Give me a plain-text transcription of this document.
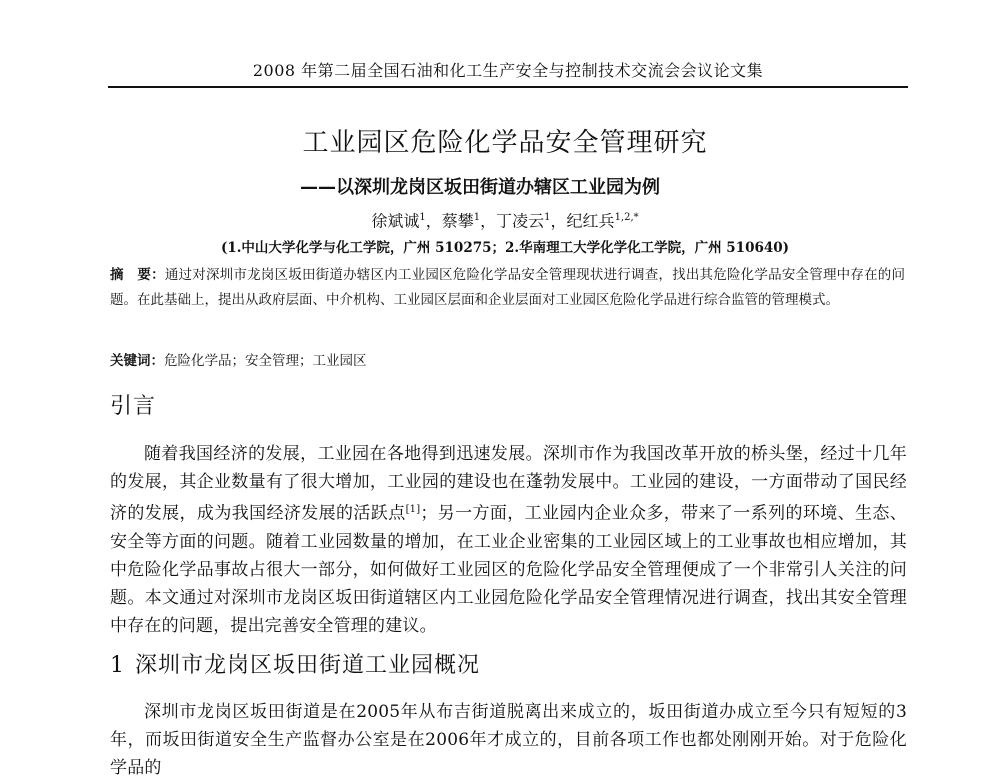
2008 年第二届全国石油和化工生产安全与控制技术交流会会议论文集
工业园区危险化学品安全管理研究
——以深圳龙岗区坂田街道办辖区工业园为例
徐斌诚$^1$，蔡攀$^1$，丁凌云$^1$，纪红兵$^{1,2,*}$
(1.中山大学化学与化工学院，广州 510275；2.华南理工大学化学化工学院，广州 510640)
摘　要：通过对深圳市龙岗区坂田街道办辖区内工业园区危险化学品安全管理现状进行调查，找出其危险化学品安全管理中存在的问题。在此基础上，提出从政府层面、中介机构、工业园区层面和企业层面对工业园区危险化学品进行综合监管的管理模式。
关键词：危险化学品；安全管理；工业园区
引言
随着我国经济的发展，工业园在各地得到迅速发展。深圳市作为我国改革开放的桥头堡，经过十几年的发展，其企业数量有了很大增加，工业园的建设也在蓬勃发展中。工业园的建设，一方面带动了国民经济的发展，成为我国经济发展的活跃点[1]；另一方面，工业园内企业众多，带来了一系列的环境、生态、安全等方面的问题。随着工业园数量的增加，在工业企业密集的工业园区域上的工业事故也相应增加，其中危险化学品事故占很大一部分，如何做好工业园区的危险化学品安全管理便成了一个非常引人关注的问题。本文通过对深圳市龙岗区坂田街道辖区内工业园危险化学品安全管理情况进行调查，找出其安全管理中存在的问题，提出完善安全管理的建议。
1 深圳市龙岗区坂田街道工业园概况
深圳市龙岗区坂田街道是在2005年从布吉街道脱离出来成立的，坂田街道办成立至今只有短短的3年，而坂田街道安全生产监督办公室是在2006年才成立的，目前各项工作也都处刚刚开始。对于危险化学品的
